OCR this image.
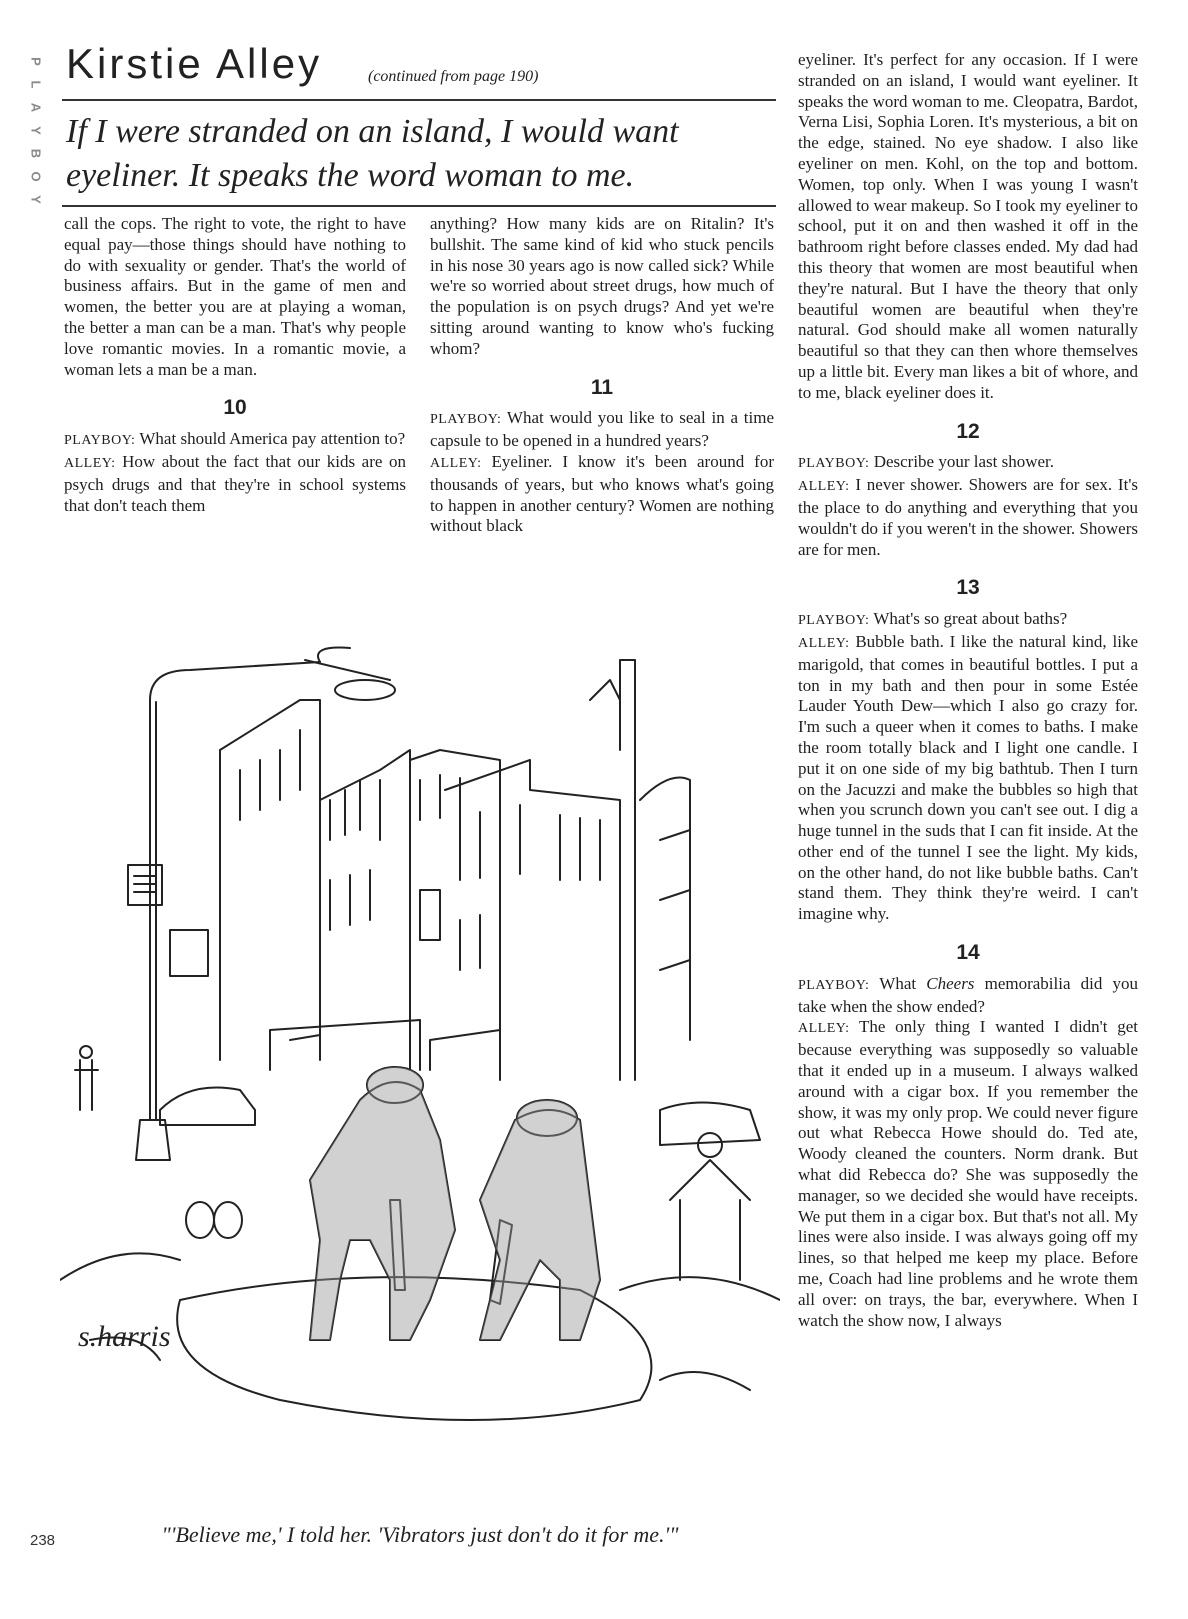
P
L
A
Y
B
O
Y
Kirstie Alley	(continued from page 190)
If I were stranded on an island, I would want eyeliner. It speaks the word woman to me.

call the cops. The right to vote, the right to have equal pay—those things should have nothing to do with sexuality or gender. That's the world of business affairs. But in the game of men and women, the better you are at playing a woman, the better a man can be a man. That's why people love romantic movies. In a romantic movie, a woman lets a man be a man.

10

PLAYBOY: What should America pay attention to?

ALLEY: How about the fact that our kids are on psych drugs and that they're in school systems that don't teach them

anything? How many kids are on Ritalin? It's bullshit. The same kind of kid who stuck pencils in his nose 30 years ago is now called sick? While we're so worried about street drugs, how much of the population is on psych drugs? And yet we're sitting around wanting to know who's fucking whom?

11

PLAYBOY: What would you like to seal in a time capsule to be opened in a hundred years?

ALLEY: Eyeliner. I know it's been around for thousands of years, but who knows what's going to happen in another century? Women are nothing without black

eyeliner. It's perfect for any occasion. If I were stranded on an island, I would want eyeliner. It speaks the word woman to me. Cleopatra, Bardot, Verna Lisi, Sophia Loren. It's mysterious, a bit on the edge, stained. No eye shadow. I also like eyeliner on men. Kohl, on the top and bottom. Women, top only. When I was young I wasn't allowed to wear makeup. So I took my eyeliner to school, put it on and then washed it off in the bathroom right before classes ended. My dad had this theory that women are most beautiful when they're natural. But I have the theory that only beautiful women are beautiful when they're natural. God should make all women naturally beautiful so that they can then whore themselves up a little bit. Every man likes a bit of whore, and to me, black eyeliner does it.

12

PLAYBOY: Describe your last shower.

ALLEY: I never shower. Showers are for sex. It's the place to do anything and everything that you wouldn't do if you weren't in the shower. Showers are for men.

13

PLAYBOY: What's so great about baths?

ALLEY: Bubble bath. I like the natural kind, like marigold, that comes in beautiful bottles. I put a ton in my bath and then pour in some Estée Lauder Youth Dew—which I also go crazy for. I'm such a queer when it comes to baths. I make the room totally black and I light one candle. I put it on one side of my big bathtub. Then I turn on the Jacuzzi and make the bubbles so high that when you scrunch down you can't see out. I dig a huge tunnel in the suds that I can fit inside. At the other end of the tunnel I see the light. My kids, on the other hand, do not like bubble baths. Can't stand them. They think they're weird. I can't imagine why.

14

PLAYBOY: What Cheers memorabilia did you take when the show ended?

ALLEY: The only thing I wanted I didn't get because everything was supposedly so valuable that it ended up in a museum. I always walked around with a cigar box. If you remember the show, it was my only prop. We could never figure out what Rebecca Howe should do. Ted ate, Woody cleaned the counters. Norm drank. But what did Rebecca do? She was supposedly the manager, so we decided she would have receipts. We put them in a cigar box. But that's not all. My lines were also inside. I was always going off my lines, so that helped me keep my place. Before me, Coach had line problems and he wrote them all over: on trays, the bar, everywhere. When I watch the show now, I always

s.harris
238	"'Believe me,' I told her. 'Vibrators just don't do it for me.'"
